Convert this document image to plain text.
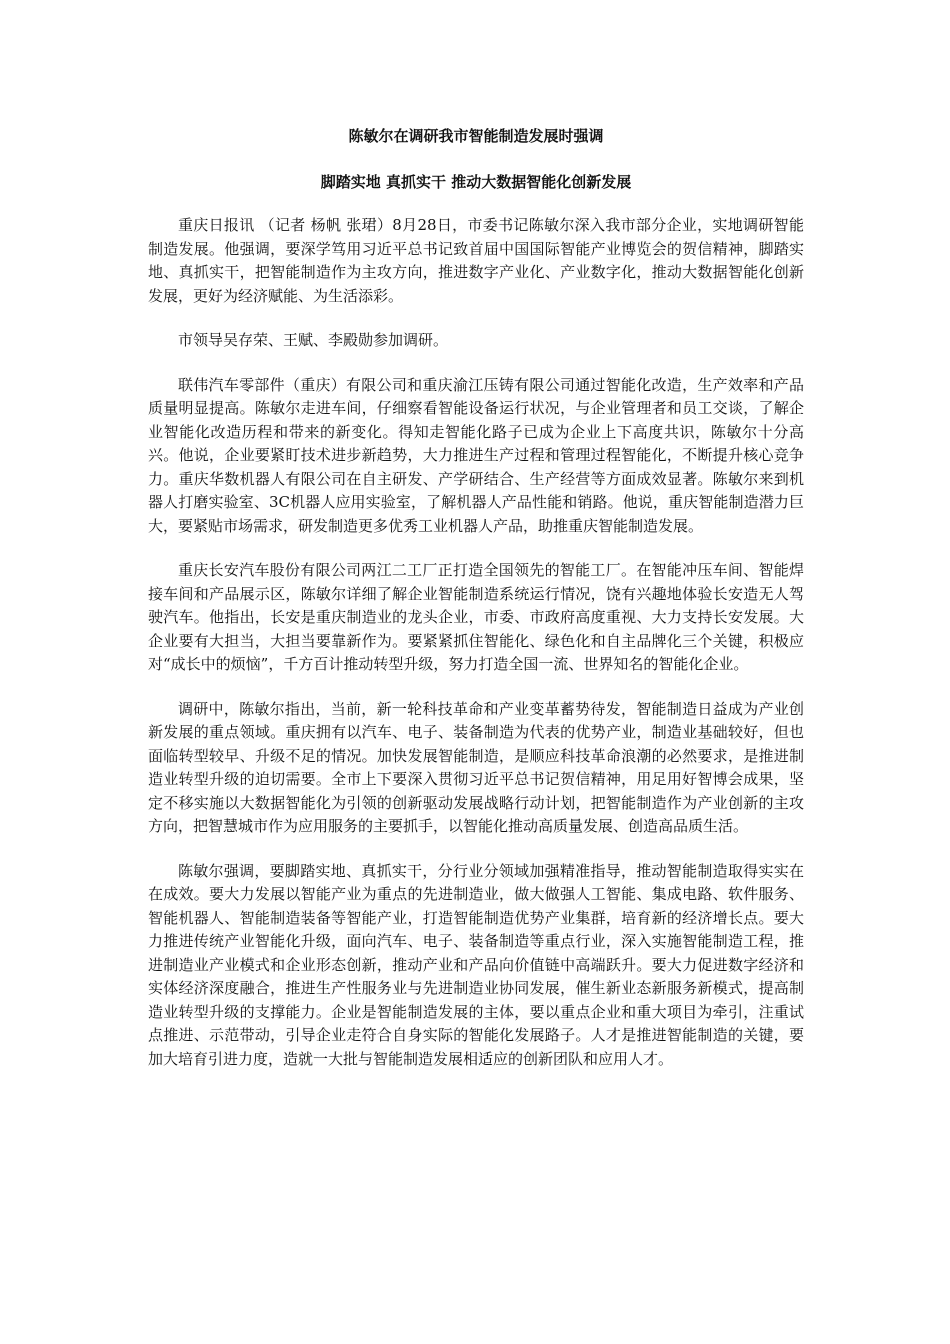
陈敏尔在调研我市智能制造发展时强调
脚踏实地 真抓实干 推动大数据智能化创新发展

重庆日报讯 （记者 杨帆 张珺）8月28日，市委书记陈敏尔深入我市部分企业，实地调研智能制造发展。他强调，要深学笃用习近平总书记致首届中国国际智能产业博览会的贺信精神，脚踏实地、真抓实干，把智能制造作为主攻方向，推进数字产业化、产业数字化，推动大数据智能化创新发展，更好为经济赋能、为生活添彩。

市领导吴存荣、王赋、李殿勋参加调研。

联伟汽车零部件（重庆）有限公司和重庆渝江压铸有限公司通过智能化改造，生产效率和产品质量明显提高。陈敏尔走进车间，仔细察看智能设备运行状况，与企业管理者和员工交谈，了解企业智能化改造历程和带来的新变化。得知走智能化路子已成为企业上下高度共识，陈敏尔十分高兴。他说，企业要紧盯技术进步新趋势，大力推进生产过程和管理过程智能化，不断提升核心竞争力。重庆华数机器人有限公司在自主研发、产学研结合、生产经营等方面成效显著。陈敏尔来到机器人打磨实验室、3C机器人应用实验室，了解机器人产品性能和销路。他说，重庆智能制造潜力巨大，要紧贴市场需求，研发制造更多优秀工业机器人产品，助推重庆智能制造发展。

重庆长安汽车股份有限公司两江二工厂正打造全国领先的智能工厂。在智能冲压车间、智能焊接车间和产品展示区，陈敏尔详细了解企业智能制造系统运行情况，饶有兴趣地体验长安造无人驾驶汽车。他指出，长安是重庆制造业的龙头企业，市委、市政府高度重视、大力支持长安发展。大企业要有大担当，大担当要靠新作为。要紧紧抓住智能化、绿色化和自主品牌化三个关键，积极应对“成长中的烦恼”，千方百计推动转型升级，努力打造全国一流、世界知名的智能化企业。

调研中，陈敏尔指出，当前，新一轮科技革命和产业变革蓄势待发，智能制造日益成为产业创新发展的重点领域。重庆拥有以汽车、电子、装备制造为代表的优势产业，制造业基础较好，但也面临转型较早、升级不足的情况。加快发展智能制造，是顺应科技革命浪潮的必然要求，是推进制造业转型升级的迫切需要。全市上下要深入贯彻习近平总书记贺信精神，用足用好智博会成果，坚定不移实施以大数据智能化为引领的创新驱动发展战略行动计划，把智能制造作为产业创新的主攻方向，把智慧城市作为应用服务的主要抓手，以智能化推动高质量发展、创造高品质生活。

陈敏尔强调，要脚踏实地、真抓实干，分行业分领域加强精准指导，推动智能制造取得实实在在成效。要大力发展以智能产业为重点的先进制造业，做大做强人工智能、集成电路、软件服务、智能机器人、智能制造装备等智能产业，打造智能制造优势产业集群，培育新的经济增长点。要大力推进传统产业智能化升级，面向汽车、电子、装备制造等重点行业，深入实施智能制造工程，推进制造业产业模式和企业形态创新，推动产业和产品向价值链中高端跃升。要大力促进数字经济和实体经济深度融合，推进生产性服务业与先进制造业协同发展，催生新业态新服务新模式，提高制造业转型升级的支撑能力。企业是智能制造发展的主体，要以重点企业和重大项目为牵引，注重试点推进、示范带动，引导企业走符合自身实际的智能化发展路子。人才是推进智能制造的关键，要加大培育引进力度，造就一大批与智能制造发展相适应的创新团队和应用人才。
